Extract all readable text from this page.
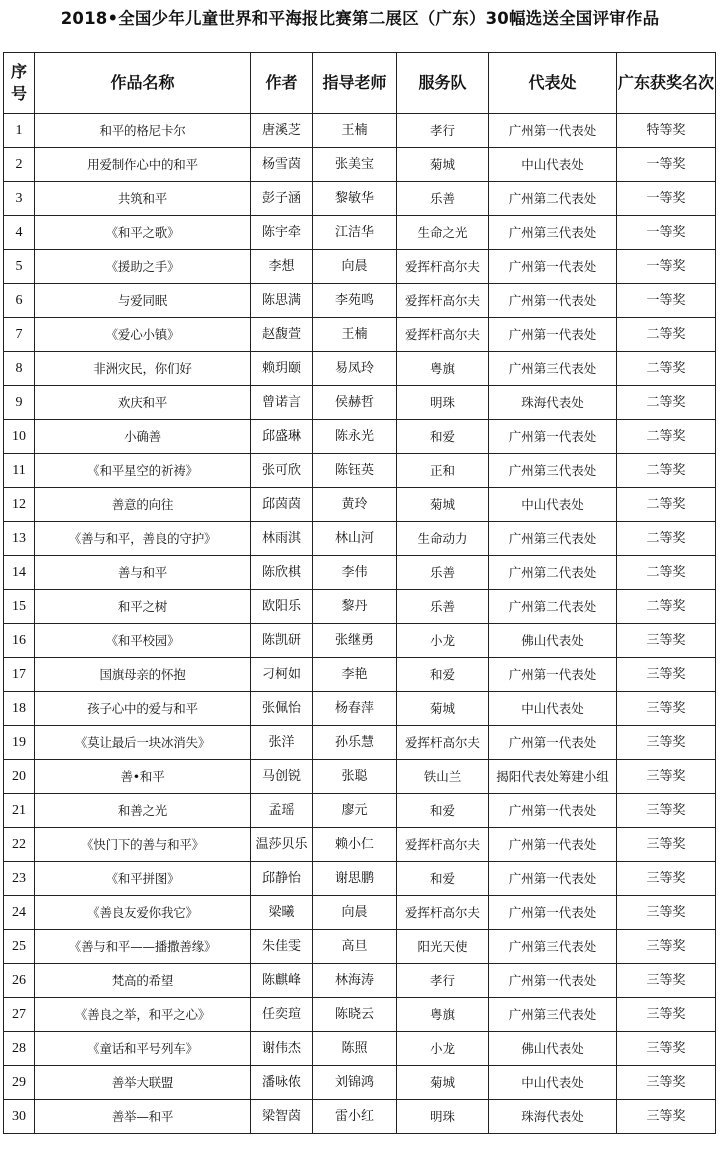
2018•全国少年儿童世界和平海报比赛第二展区（广东）30幅选送全国评审作品
序
号	作品名称	作者	指导老师	服务队	代表处	广东获奖名次
1	和平的格尼卡尔	唐溪芝	王楠	孝行	广州第一代表处	特等奖
2	用爱制作心中的和平	杨雪茵	张美宝	菊城	中山代表处	一等奖
3	共筑和平	彭子涵	黎敏华	乐善	广州第二代表处	一等奖
4	《和平之歌》	陈宇牵	江洁华	生命之光	广州第三代表处	一等奖
5	《援助之手》	李想	向晨	爱挥杆高尔夫	广州第一代表处	一等奖
6	与爱同眠	陈思满	李苑鸣	爱挥杆高尔夫	广州第一代表处	一等奖
7	《爱心小镇》	赵馥萱	王楠	爱挥杆高尔夫	广州第一代表处	二等奖
8	非洲灾民，你们好	赖玥颐	易凤玲	粤旗	广州第三代表处	二等奖
9	欢庆和平	曾诺言	侯赫哲	明珠	珠海代表处	二等奖
10	小确善	邱盛琳	陈永光	和爱	广州第一代表处	二等奖
11	《和平星空的祈祷》	张可欣	陈钰英	正和	广州第三代表处	二等奖
12	善意的向往	邱茵茵	黄玲	菊城	中山代表处	二等奖
13	《善与和平，善良的守护》	林雨淇	林山河	生命动力	广州第三代表处	二等奖
14	善与和平	陈欣棋	李伟	乐善	广州第二代表处	二等奖
15	和平之树	欧阳乐	黎丹	乐善	广州第二代表处	二等奖
16	《和平校园》	陈凯研	张继勇	小龙	佛山代表处	三等奖
17	国旗母亲的怀抱	刁柯如	李艳	和爱	广州第一代表处	三等奖
18	孩子心中的爱与和平	张佩怡	杨春萍	菊城	中山代表处	三等奖
19	《莫让最后一块冰消失》	张洋	孙乐慧	爱挥杆高尔夫	广州第一代表处	三等奖
20	善•和平	马创锐	张聪	铁山兰	揭阳代表处筹建小组	三等奖
21	和善之光	孟瑶	廖元	和爱	广州第一代表处	三等奖
22	《快门下的善与和平》	温莎贝乐	赖小仁	爱挥杆高尔夫	广州第一代表处	三等奖
23	《和平拼图》	邱静怡	谢思鹏	和爱	广州第一代表处	三等奖
24	《善良友爱你我它》	梁曦	向晨	爱挥杆高尔夫	广州第一代表处	三等奖
25	《善与和平——播撒善缘》	朱佳雯	高旦	阳光天使	广州第三代表处	三等奖
26	梵高的希望	陈麒峰	林海涛	孝行	广州第一代表处	三等奖
27	《善良之举，和平之心》	任奕瑄	陈晓云	粤旗	广州第三代表处	三等奖
28	《童话和平号列车》	谢伟杰	陈照	小龙	佛山代表处	三等奖
29	善举大联盟	潘咏侬	刘锦鸿	菊城	中山代表处	三等奖
30	善举—和平	梁智茵	雷小红	明珠	珠海代表处	三等奖
